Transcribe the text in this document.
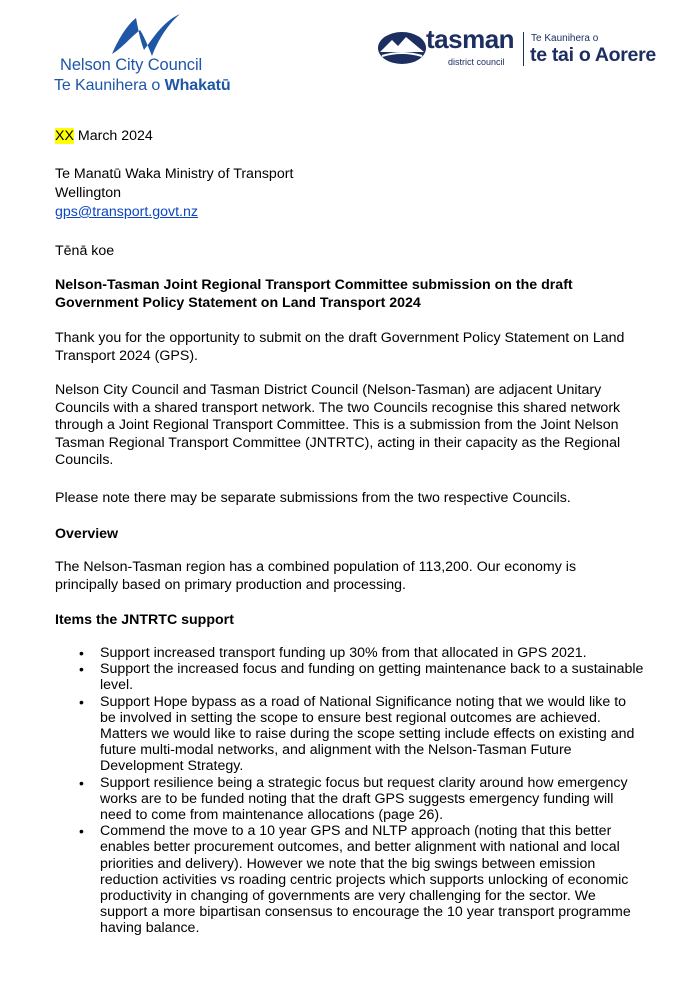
Nelson City Council
Te Kaunihera o Whakatū
tasman
district council
Te Kaunihera o
te tai o Aorere
XX March 2024
Te Manatū Waka Ministry of Transport
Wellington
gps@transport.govt.nz
Tēnā koe
Nelson-Tasman Joint Regional Transport Committee submission on the draft Government Policy Statement on Land Transport 2024
Thank you for the opportunity to submit on the draft Government Policy Statement on Land Transport 2024 (GPS).
Nelson City Council and Tasman District Council (Nelson-Tasman) are adjacent Unitary Councils with a shared transport network. The two Councils recognise this shared network through a Joint Regional Transport Committee. This is a submission from the Joint Nelson Tasman Regional Transport Committee (JNTRTC), acting in their capacity as the Regional Councils.
Please note there may be separate submissions from the two respective Councils.
Overview
The Nelson-Tasman region has a combined population of 113,200. Our economy is principally based on primary production and processing.
Items the JNTRTC support
• Support increased transport funding up 30% from that allocated in GPS 2021.
• Support the increased focus and funding on getting maintenance back to a sustainable level.
• Support Hope bypass as a road of National Significance noting that we would like to be involved in setting the scope to ensure best regional outcomes are achieved. Matters we would like to raise during the scope setting include effects on existing and future multi-modal networks, and alignment with the Nelson-Tasman Future Development Strategy.
• Support resilience being a strategic focus but request clarity around how emergency works are to be funded noting that the draft GPS suggests emergency funding will need to come from maintenance allocations (page 26).
• Commend the move to a 10 year GPS and NLTP approach (noting that this better enables better procurement outcomes, and better alignment with national and local priorities and delivery). However we note that the big swings between emission reduction activities vs roading centric projects which supports unlocking of economic productivity in changing of governments are very challenging for the sector. We support a more bipartisan consensus to encourage the 10 year transport programme having balance.
